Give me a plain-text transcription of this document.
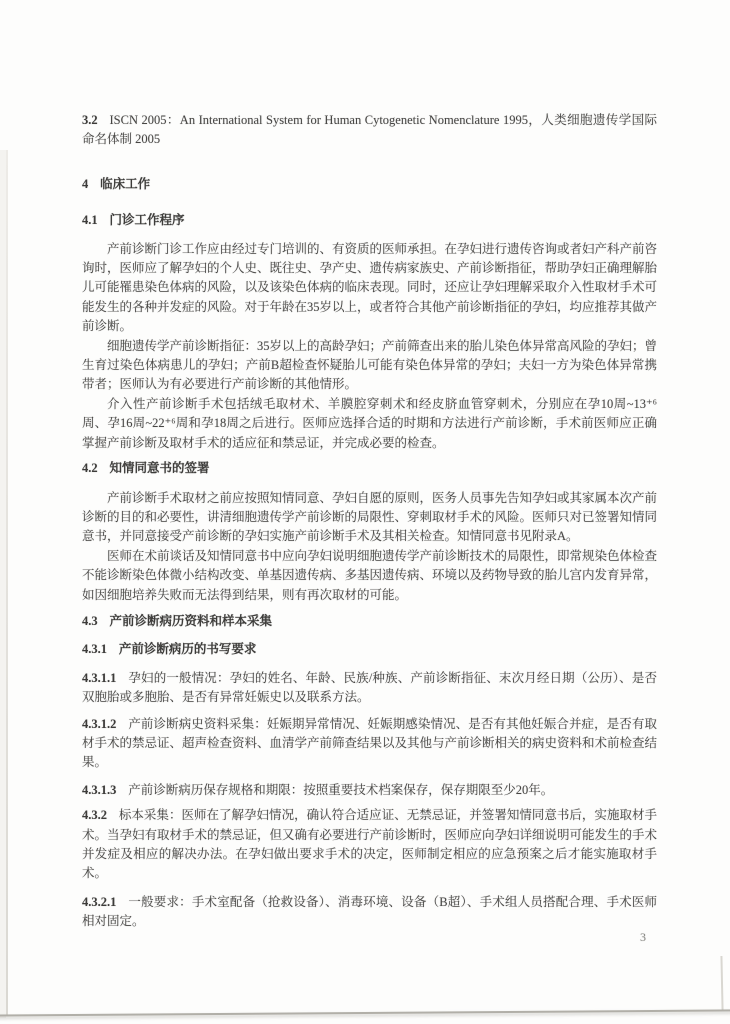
3.2 ISCN 2005：An International System for Human Cytogenetic Nomenclature 1995，人类细胞遗传学国际命名体制 2005
4 临床工作
4.1 门诊工作程序
产前诊断门诊工作应由经过专门培训的、有资质的医师承担。在孕妇进行遗传咨询或者妇产科产前咨询时，医师应了解孕妇的个人史、既往史、孕产史、遗传病家族史、产前诊断指征，帮助孕妇正确理解胎儿可能罹患染色体病的风险，以及该染色体病的临床表现。同时，还应让孕妇理解采取介入性取材手术可能发生的各种并发症的风险。对于年龄在35岁以上，或者符合其他产前诊断指征的孕妇，均应推荐其做产前诊断。
细胞遗传学产前诊断指征：35岁以上的高龄孕妇；产前筛查出来的胎儿染色体异常高风险的孕妇；曾生育过染色体病患儿的孕妇；产前B超检查怀疑胎儿可能有染色体异常的孕妇；夫妇一方为染色体异常携带者；医师认为有必要进行产前诊断的其他情形。
介入性产前诊断手术包括绒毛取材术、羊膜腔穿刺术和经皮脐血管穿刺术，分别应在孕10周~13⁺⁶周、孕16周~22⁺⁶周和孕18周之后进行。医师应选择合适的时期和方法进行产前诊断，手术前医师应正确掌握产前诊断及取材手术的适应征和禁忌证，并完成必要的检查。
4.2 知情同意书的签署
产前诊断手术取材之前应按照知情同意、孕妇自愿的原则，医务人员事先告知孕妇或其家属本次产前诊断的目的和必要性，讲清细胞遗传学产前诊断的局限性、穿刺取材手术的风险。医师只对已签署知情同意书，并同意接受产前诊断的孕妇实施产前诊断手术及其相关检查。知情同意书见附录A。
医师在术前谈话及知情同意书中应向孕妇说明细胞遗传学产前诊断技术的局限性，即常规染色体检查不能诊断染色体微小结构改变、单基因遗传病、多基因遗传病、环境以及药物导致的胎儿宫内发育异常，如因细胞培养失败而无法得到结果，则有再次取材的可能。
4.3 产前诊断病历资料和样本采集
4.3.1 产前诊断病历的书写要求
4.3.1.1 孕妇的一般情况：孕妇的姓名、年龄、民族/种族、产前诊断指征、末次月经日期（公历）、是否双胞胎或多胞胎、是否有异常妊娠史以及联系方法。
4.3.1.2 产前诊断病史资料采集：妊娠期异常情况、妊娠期感染情况、是否有其他妊娠合并症，是否有取材手术的禁忌证、超声检查资料、血清学产前筛查结果以及其他与产前诊断相关的病史资料和术前检查结果。
4.3.1.3 产前诊断病历保存规格和期限：按照重要技术档案保存，保存期限至少20年。
4.3.2 标本采集：医师在了解孕妇情况，确认符合适应证、无禁忌证，并签署知情同意书后，实施取材手术。当孕妇有取材手术的禁忌证，但又确有必要进行产前诊断时，医师应向孕妇详细说明可能发生的手术并发症及相应的解决办法。在孕妇做出要求手术的决定，医师制定相应的应急预案之后才能实施取材手术。
4.3.2.1 一般要求：手术室配备（抢救设备）、消毒环境、设备（B超）、手术组人员搭配合理、手术医师相对固定。
3
